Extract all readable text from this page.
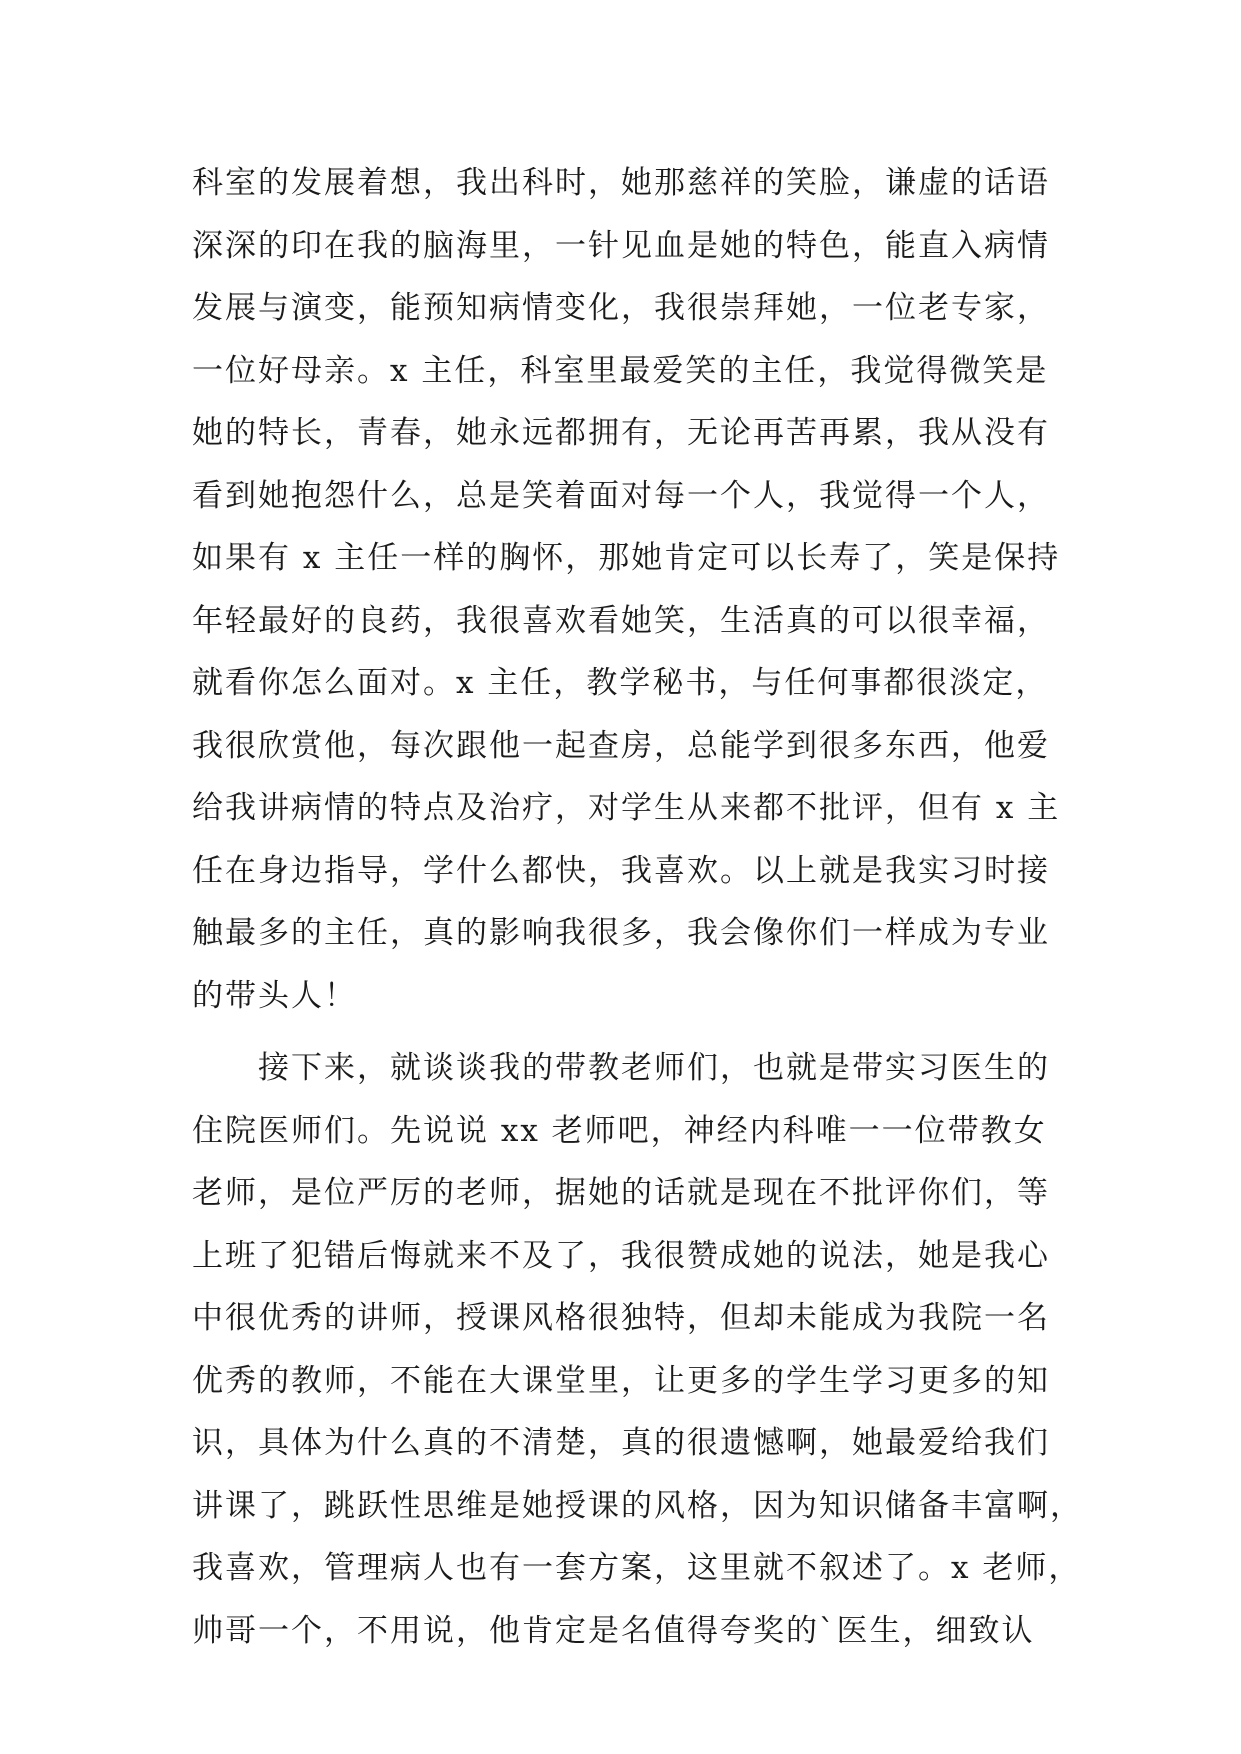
科室的发展着想，我出科时，她那慈祥的笑脸，谦虚的话语
深深的印在我的脑海里，一针见血是她的特色，能直入病情
发展与演变，能预知病情变化，我很崇拜她，一位老专家，
一位好母亲。x 主任，科室里最爱笑的主任，我觉得微笑是
她的特长，青春，她永远都拥有，无论再苦再累，我从没有
看到她抱怨什么，总是笑着面对每一个人，我觉得一个人，
如果有 x 主任一样的胸怀，那她肯定可以长寿了，笑是保持
年轻最好的良药，我很喜欢看她笑，生活真的可以很幸福，
就看你怎么面对。x 主任，教学秘书，与任何事都很淡定，
我很欣赏他，每次跟他一起查房，总能学到很多东西，他爱
给我讲病情的特点及治疗，对学生从来都不批评，但有 x 主
任在身边指导，学什么都快，我喜欢。以上就是我实习时接
触最多的主任，真的影响我很多，我会像你们一样成为专业
的带头人！
接下来，就谈谈我的带教老师们，也就是带实习医生的
住院医师们。先说说 xx 老师吧，神经内科唯一一位带教女
老师，是位严厉的老师，据她的话就是现在不批评你们，等
上班了犯错后悔就来不及了，我很赞成她的说法，她是我心
中很优秀的讲师，授课风格很独特，但却未能成为我院一名
优秀的教师，不能在大课堂里，让更多的学生学习更多的知
识，具体为什么真的不清楚，真的很遗憾啊，她最爱给我们
讲课了，跳跃性思维是她授课的风格，因为知识储备丰富啊，
我喜欢，管理病人也有一套方案，这里就不叙述了。x 老师，
帅哥一个，不用说，他肯定是名值得夸奖的`医生，细致认
